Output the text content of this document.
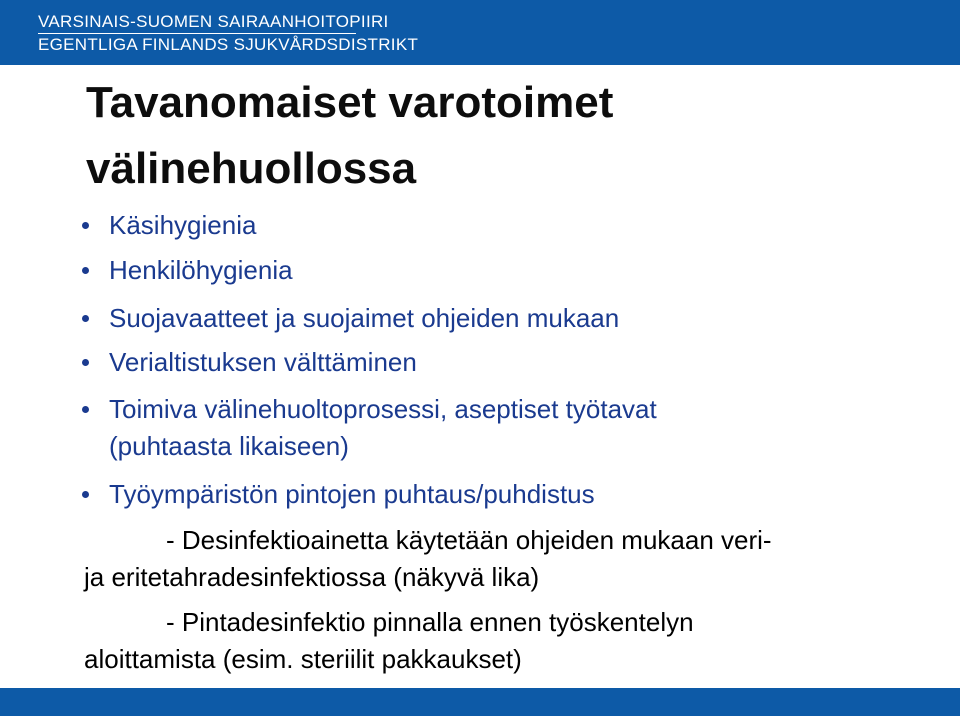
VARSINAIS-SUOMEN SAIRAANHOITOPIIRI
EGENTLIGA FINLANDS SJUKVÅRDSDISTRIKT
Tavanomaiset varotoimet
välinehuollossa
Käsihygienia
Henkilöhygienia
Suojavaatteet ja suojaimet ohjeiden mukaan
Verialtistuksen välttäminen
Toimiva välinehuoltoprosessi, aseptiset työtavat
(puhtaasta likaiseen)
Työympäristön pintojen puhtaus/puhdistus
- Desinfektioainetta käytetään ohjeiden mukaan veri-
ja eritetahradesinfektiossa (näkyvä lika)
- Pintadesinfektio pinnalla ennen työskentelyn
aloittamista (esim. steriilit pakkaukset)
